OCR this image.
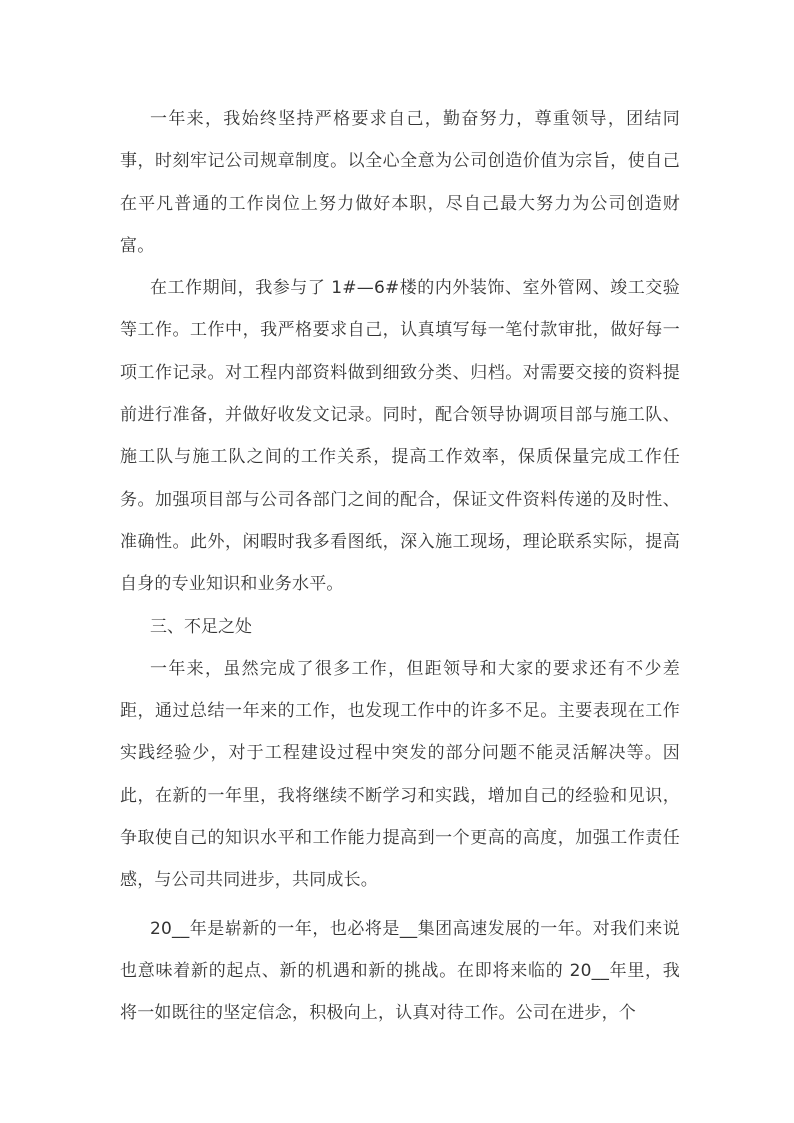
一年来，我始终坚持严格要求自己，勤奋努力，尊重领导，团结同事，时刻牢记公司规章制度。以全心全意为公司创造价值为宗旨，使自己在平凡普通的工作岗位上努力做好本职，尽自己最大努力为公司创造财富。

在工作期间，我参与了 1#—6#楼的内外装饰、室外管网、竣工交验等工作。工作中，我严格要求自己，认真填写每一笔付款审批，做好每一项工作记录。对工程内部资料做到细致分类、归档。对需要交接的资料提前进行准备，并做好收发文记录。同时，配合领导协调项目部与施工队、施工队与施工队之间的工作关系，提高工作效率，保质保量完成工作任务。加强项目部与公司各部门之间的配合，保证文件资料传递的及时性、准确性。此外，闲暇时我多看图纸，深入施工现场，理论联系实际，提高自身的专业知识和业务水平。

三、不足之处

一年来，虽然完成了很多工作，但距领导和大家的要求还有不少差距，通过总结一年来的工作，也发现工作中的许多不足。主要表现在工作实践经验少，对于工程建设过程中突发的部分问题不能灵活解决等。因此，在新的一年里，我将继续不断学习和实践，增加自己的经验和见识，争取使自己的知识水平和工作能力提高到一个更高的高度，加强工作责任感，与公司共同进步，共同成长。

20__年是崭新的一年，也必将是__集团高速发展的一年。对我们来说也意味着新的起点、新的机遇和新的挑战。在即将来临的 20__年里，我将一如既往的坚定信念，积极向上，认真对待工作。公司在进步，个
